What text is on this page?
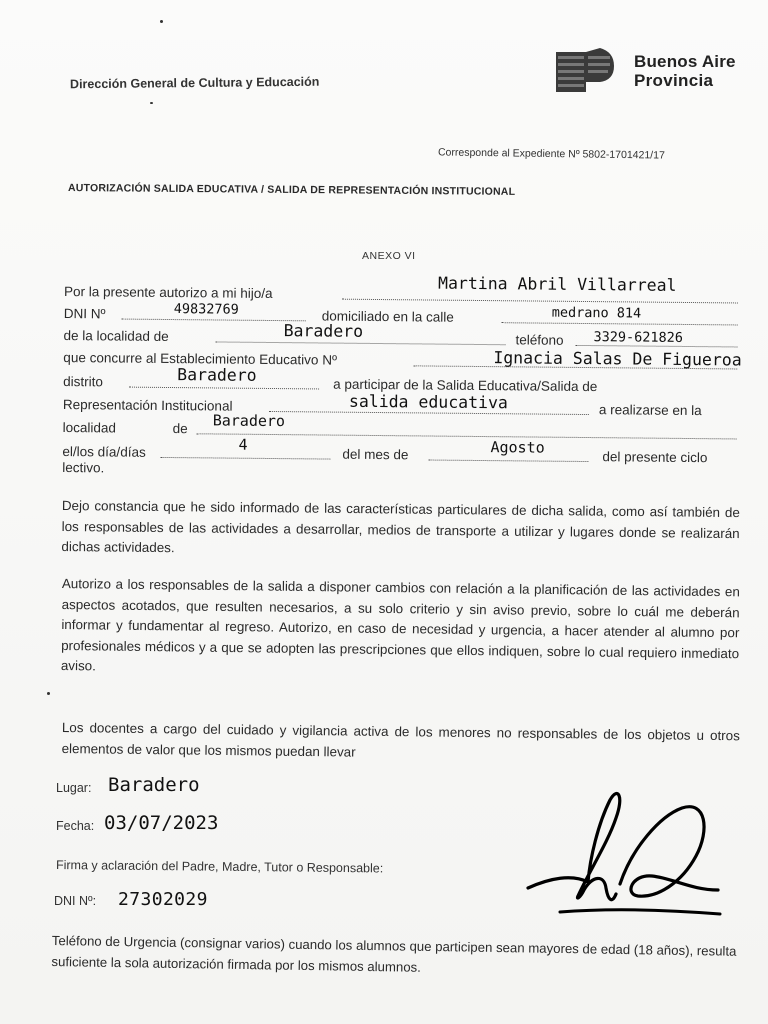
Dirección General de Cultura y Educación
Buenos Aire
Provincia
Corresponde al Expediente Nº 5802-1701421/17
AUTORIZACIÓN SALIDA EDUCATIVA / SALIDA DE REPRESENTACIÓN INSTITUCIONAL
ANEXO VI
Por la presente autorizo a mi hijo/a	Martina Abril Villarreal
DNI Nº	49832769	domiciliado en la calle	medrano 814
de la localidad de	Baradero	teléfono 3329-621826
que concurre al Establecimiento Educativo Nº	Ignacia Salas De Figueroa
distrito	Baradero
a participar de la Salida Educativa/Salida de
Representación Institucional	salida educativa	a realizarse en la
localidad	de Baradero
el/los día/días	4
del mes de	Agosto
del presente ciclo
lectivo.

Dejo constancia que he sido informado de las características particulares de dicha salida, como así también de los responsables de las actividades a desarrollar, medios de transporte a utilizar y lugares donde se realizarán dichas actividades.

Autorizo a los responsables de la salida a disponer cambios con relación a la planificación de las actividades en aspectos acotados, que resulten necesarios, a su solo criterio y sin aviso previo, sobre lo cuál me deberán informar y fundamentar al regreso. Autorizo, en caso de necesidad y urgencia, a hacer atender al alumno por profesionales médicos y a que se adopten las prescripciones que ellos indiquen, sobre lo cual requiero inmediato aviso.

Los docentes a cargo del cuidado y vigilancia activa de los menores no responsables de los objetos u otros elementos de valor que los mismos puedan llevar

Lugar: Baradero
Fecha: 03/07/2023
Firma y aclaración del Padre, Madre, Tutor o Responsable:
DNI Nº: 27302029

Teléfono de Urgencia (consignar varios) cuando los alumnos que participen sean mayores de edad (18 años), resulta suficiente la sola autorización firmada por los mismos alumnos.
